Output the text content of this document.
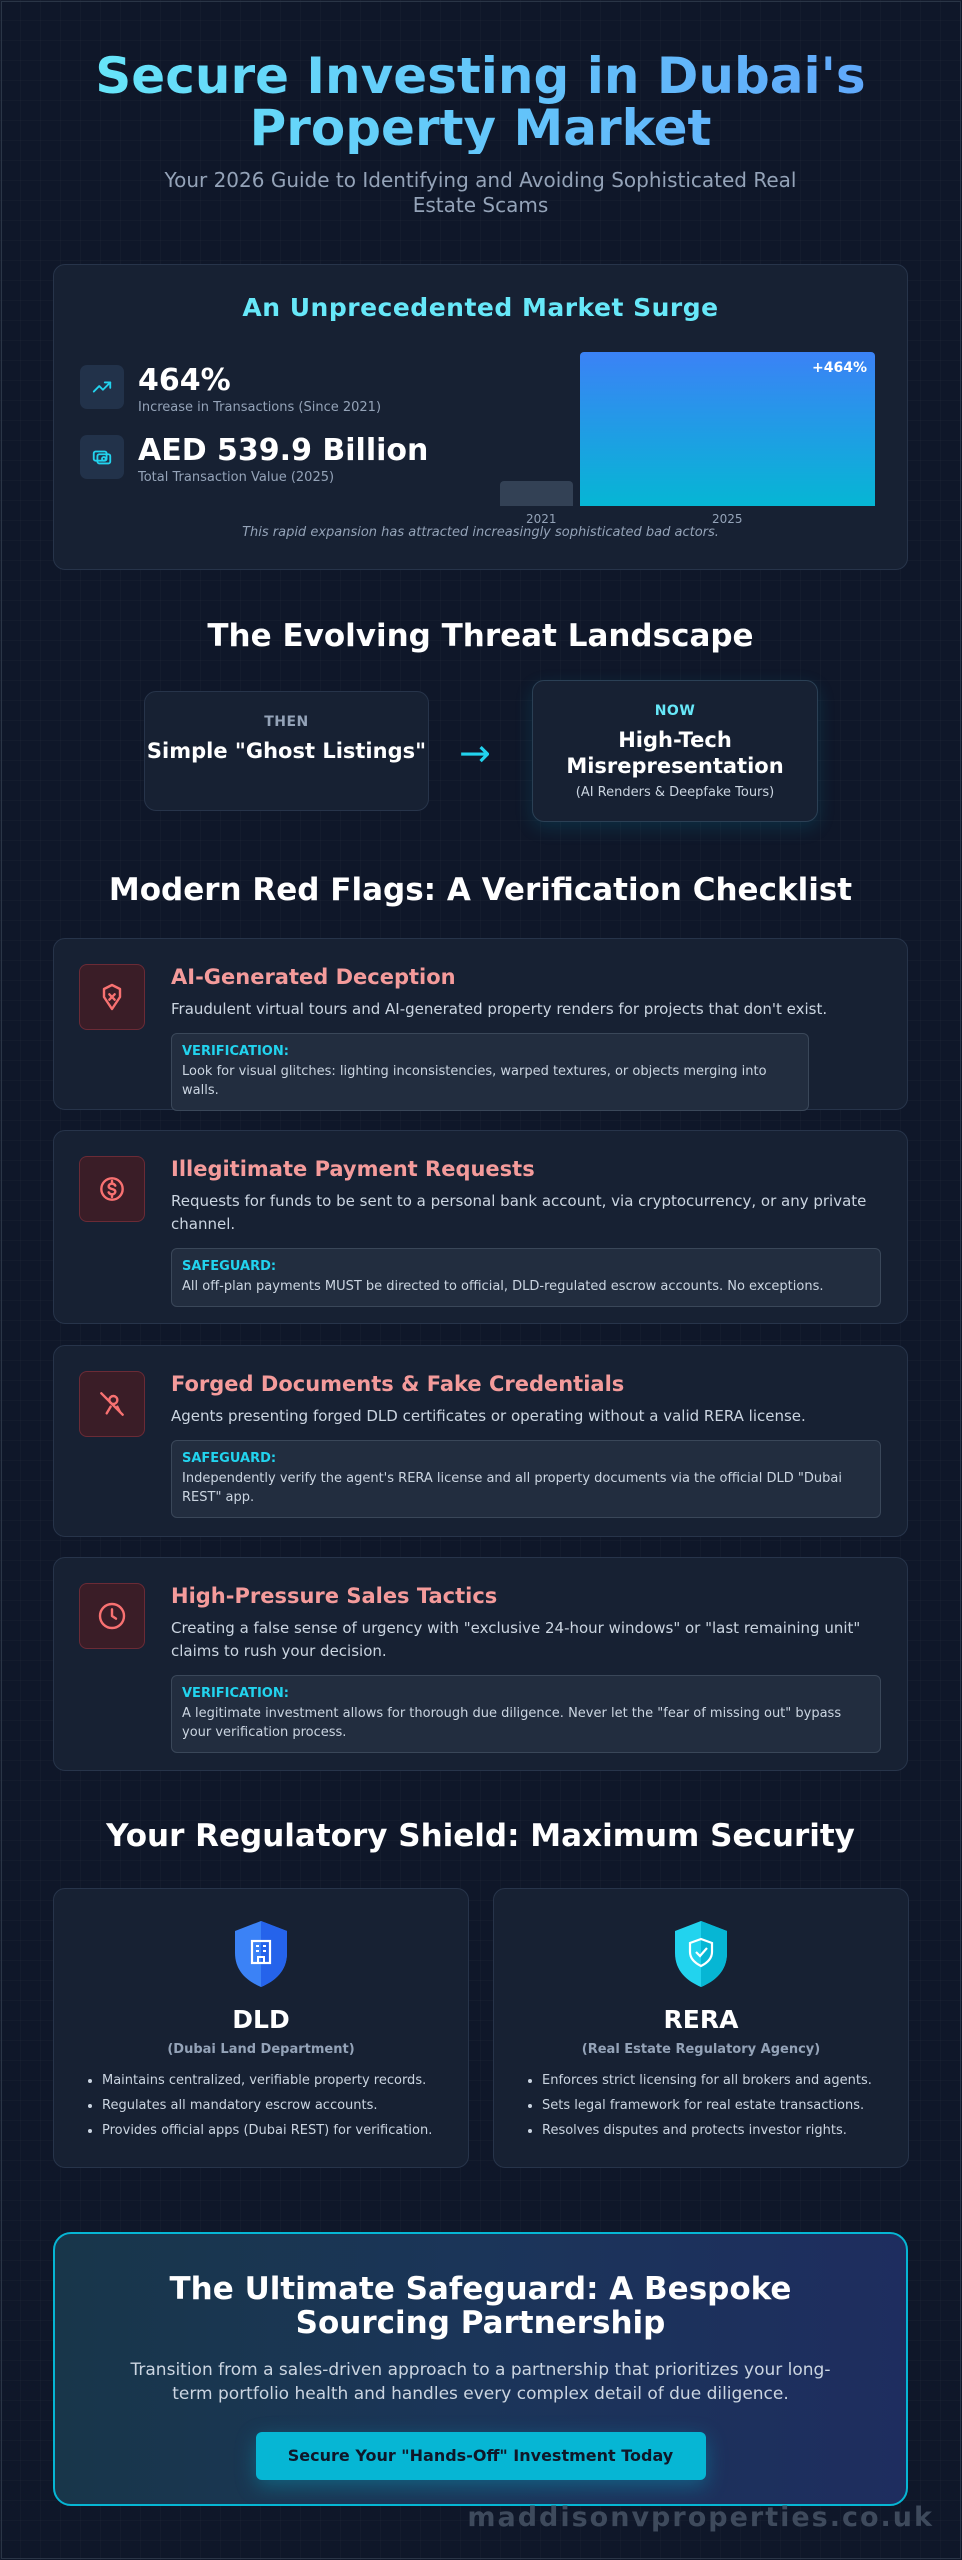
Secure Investing in Dubai's Property Market

Your 2026 Guide to Identifying and Avoiding Sophisticated Real Estate Scams

An Unprecedented Market Surge
464%
Increase in Transactions (Since 2021)
AED 539.9 Billion
Total Transaction Value (2025)
+464%
2021	2025
This rapid expansion has attracted increasingly sophisticated bad actors.
The Evolving Threat Landscape
THEN
Simple "Ghost Listings" →
NOW
High-Tech Misrepresentation
(AI Renders & Deepfake Tours)
Modern Red Flags: A Verification Checklist
AI-Generated Deception
Fraudulent virtual tours and AI-generated property renders for projects that don't exist.
VERIFICATION:
Look for visual glitches: lighting inconsistencies, warped textures, or objects merging into walls.
Illegitimate Payment Requests
Requests for funds to be sent to a personal bank account, via cryptocurrency, or any private channel.
SAFEGUARD:
All off-plan payments MUST be directed to official, DLD-regulated escrow accounts. No exceptions.
Forged Documents & Fake Credentials
Agents presenting forged DLD certificates or operating without a valid RERA license.
SAFEGUARD:
Independently verify the agent's RERA license and all property documents via the official DLD "Dubai REST" app.
High-Pressure Sales Tactics
Creating a false sense of urgency with "exclusive 24-hour windows" or "last remaining unit" claims to rush your decision.
VERIFICATION:
A legitimate investment allows for thorough due diligence. Never let the "fear of missing out" bypass your verification process.
Your Regulatory Shield: Maximum Security
DLD
(Dubai Land Department)
• Maintains centralized, verifiable property records.
• Regulates all mandatory escrow accounts.
• Provides official apps (Dubai REST) for verification.
RERA
(Real Estate Regulatory Agency)
• Enforces strict licensing for all brokers and agents.
• Sets legal framework for real estate transactions.
• Resolves disputes and protects investor rights.
The Ultimate Safeguard: A Bespoke Sourcing Partnership
Transition from a sales-driven approach to a partnership that prioritizes your long-term portfolio health and handles every complex detail of due diligence.
Secure Your "Hands-Off" Investment Today
maddisonvproperties.co.uk
